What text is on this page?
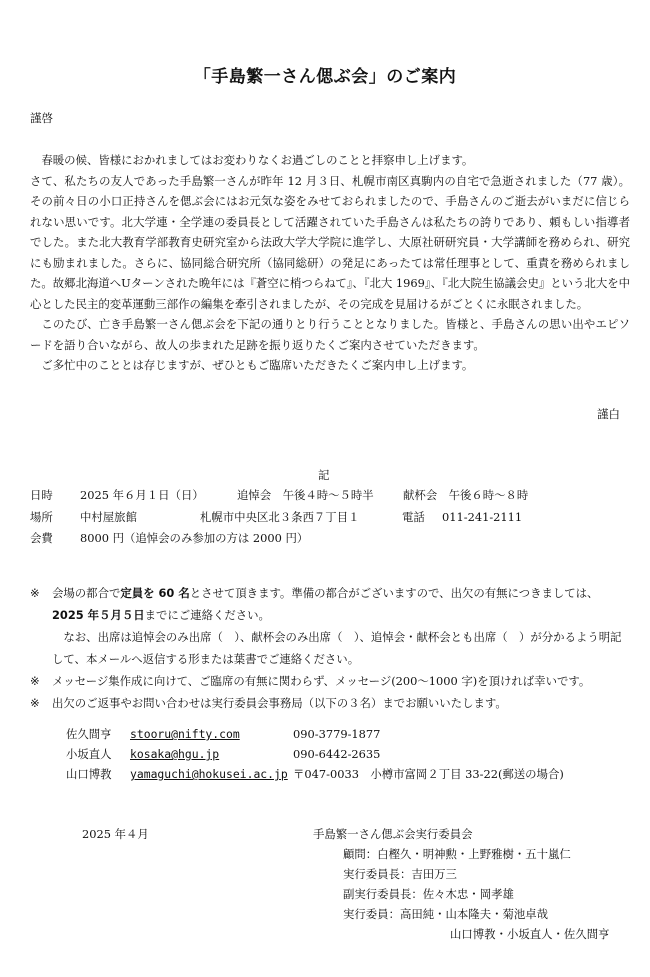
「手島繁一さん偲ぶ会」のご案内
謹啓

春暖の候、皆様におかれましてはお変わりなくお過ごしのことと拝察申し上げます。

さて、私たちの友人であった手島繁一さんが昨年 12 月３日、札幌市南区真駒内の自宅で急逝されました（77 歳）。その前々日の小口正持さんを偲ぶ会にはお元気な姿をみせておられましたので、手島さんのご逝去がいまだに信じられない思いです。北大学連・全学連の委員長として活躍されていた手島さんは私たちの誇りであり、頼もしい指導者でした。また北大教育学部教育史研究室から法政大学大学院に進学し、大原社研研究員・大学講師を務められ、研究にも励まれました。さらに、協同総合研究所（協同総研）の発足にあったては常任理事として、重責を務められました。故郷北海道へUターンされた晩年には『蒼空に梢つらねて』、『北大 1969』、『北大院生協議会史』という北大を中心とした民主的変革運動三部作の編集を牽引されましたが、その完成を見届けるがごとくに永眠されました。

このたび、亡き手島繁一さん偲ぶ会を下記の通りとり行うこととなりました。皆様と、手島さんの思い出やエピソードを語り合いながら、故人の歩まれた足跡を振り返りたくご案内させていただきます。

ご多忙中のこととは存じますが、ぜひともご臨席いただきたくご案内申し上げます。

謹白
記
日時 2025 年６月１日（日）	追悼会　午後４時〜５時半	献杯会　午後６時〜８時
場所 中村屋旅館	札幌市中央区北３条西７丁目１	電話 011-241-2111
会費 8000 円（追悼会のみ参加の方は 2000 円）
※ 会場の都合で定員を 60 名とさせて頂きます。準備の都合がございますので、出欠の有無につきましては、2025 年５月５日までにご連絡ください。

なお、出席は追悼会のみ出席（　）、献杯会のみ出席（　）、追悼会・献杯会とも出席（　）が分かるよう明記して、本メールへ返信する形または葉書でご連絡ください。

※ メッセージ集作成に向けて、ご臨席の有無に関わらず、メッセージ(200〜1000 字)を頂ければ幸いです。

※ 出欠のご返事やお問い合わせは実行委員会事務局（以下の３名）までお願いいたします。

佐久間亨 stooru@nifty.com	090-3779-1877
小坂直人 kosaka@hgu.jp	090-6442-2635
山口博教 yamaguchi@hokusei.ac.jp 〒047-0033　小樽市富岡２丁目 33-22(郵送の場合)
2025 年４月	手島繁一さん偲ぶ会実行委員会
顧問：白樫久・明神勲・上野雅樹・五十嵐仁
実行委員長：吉田万三
副実行委員長：佐々木忠・岡孝雄
実行委員：高田純・山本隆夫・菊池卓哉
山口博教・小坂直人・佐久間亨
